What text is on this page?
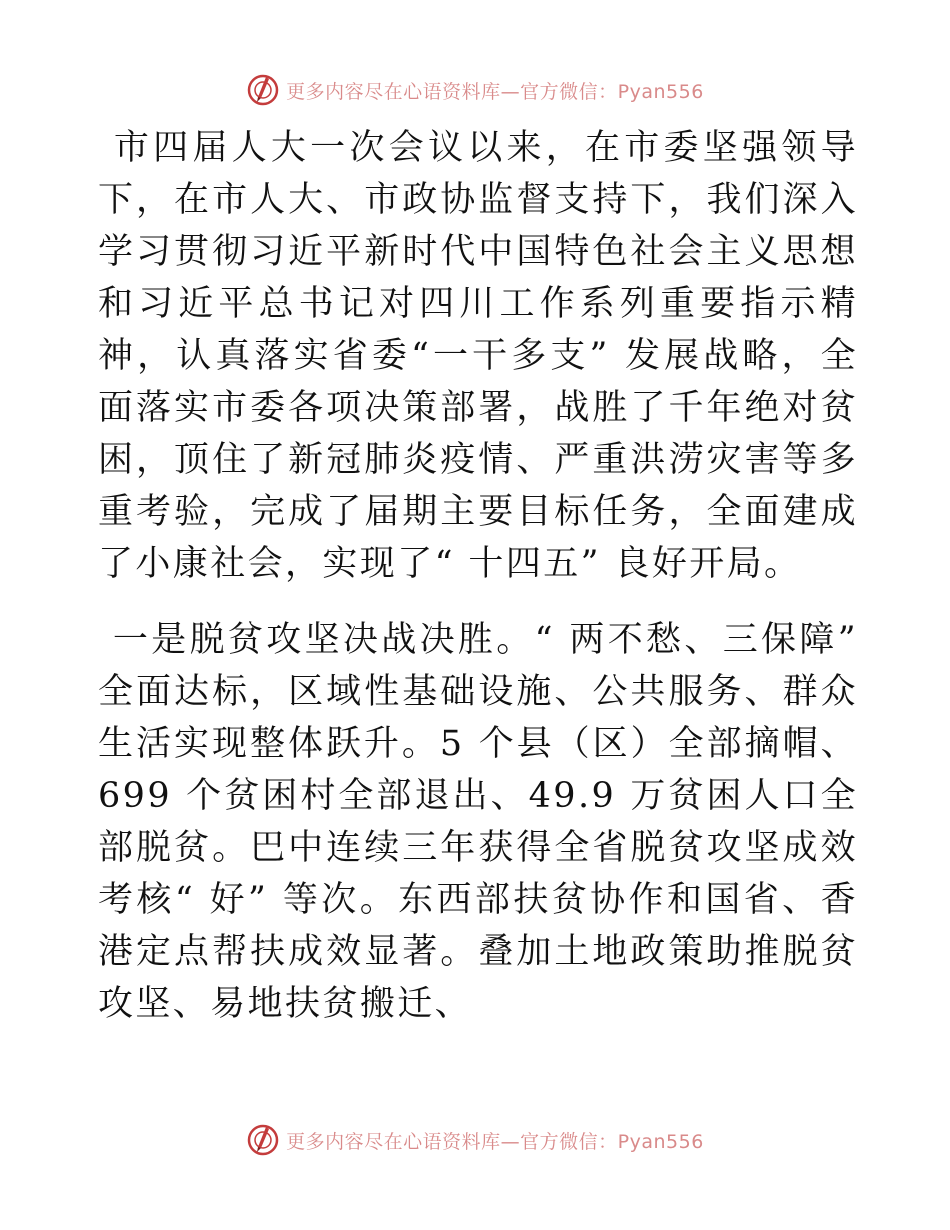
更多内容尽在心语资料库—官方微信：Pyan556

市四届人大一次会议以来，在市委坚强领导下，在市人大、市政协监督支持下，我们深入学习贯彻习近平新时代中国特色社会主义思想和习近平总书记对四川工作系列重要指示精神，认真落实省委“一干多支” 发展战略，全面落实市委各项决策部署，战胜了千年绝对贫困，顶住了新冠肺炎疫情、严重洪涝灾害等多重考验，完成了届期主要目标任务，全面建成了小康社会，实现了“ 十四五” 良好开局。

一是脱贫攻坚决战决胜。“ 两不愁、三保障” 全面达标，区域性基础设施、公共服务、群众生活实现整体跃升。5 个县（区）全部摘帽、699 个贫困村全部退出、49.9 万贫困人口全部脱贫。巴中连续三年获得全省脱贫攻坚成效考核“ 好” 等次。东西部扶贫协作和国省、香港定点帮扶成效显著。叠加土地政策助推脱贫攻坚、易地扶贫搬迁、

更多内容尽在心语资料库—官方微信：Pyan556
